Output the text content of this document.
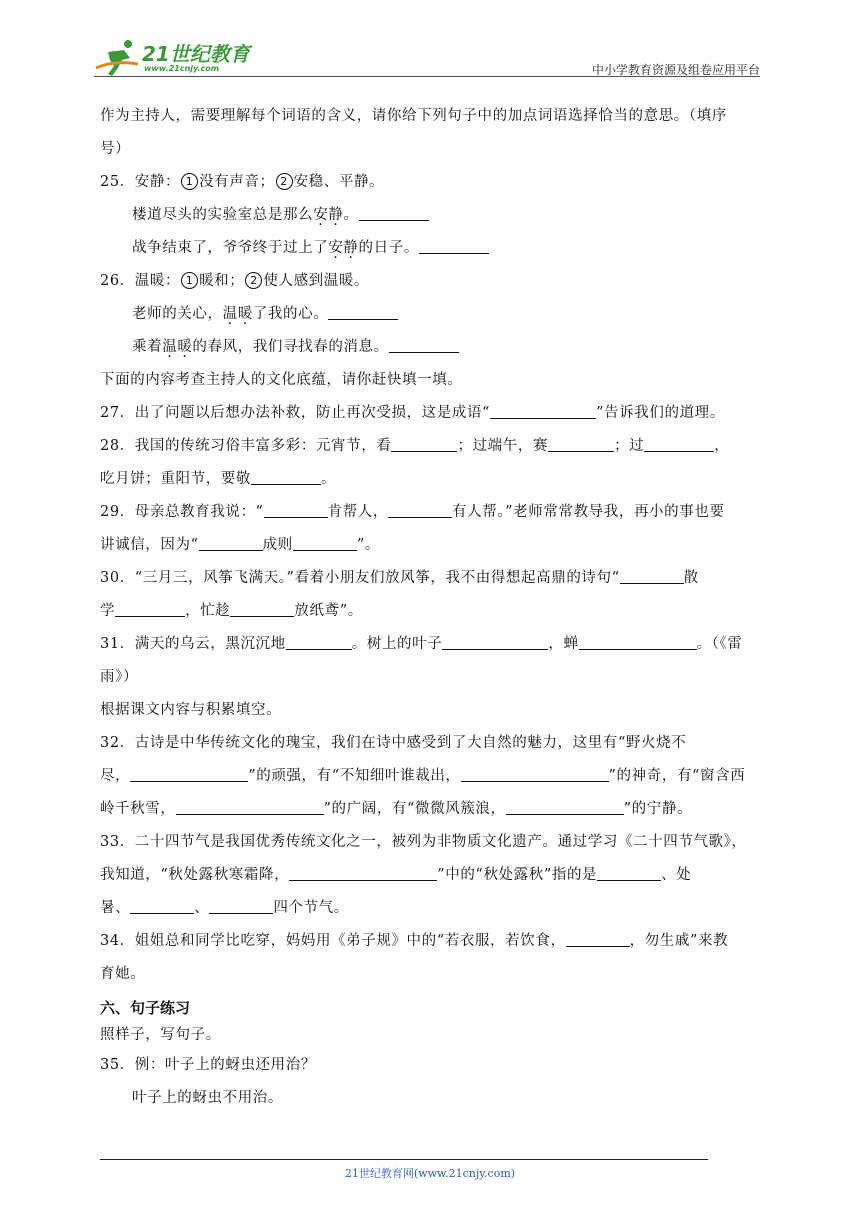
21世纪教育
www.21cnjy.com	中小学教育资源及组卷应用平台

作为主持人，需要理解每个词语的含义，请你给下列句子中的加点词语选择恰当的意思。（填序

号）

25．安静： 1 没有声音； 2 安稳、平静。

楼道尽头的实验室总是那么安静。

战争结束了，爷爷终于过上了安静的日子。

26．温暖： 1 暖和； 2 使人感到温暖。

老师的关心，温暖了我的心。

乘着温暖的春风，我们寻找春的消息。

下面的内容考查主持人的文化底蕴，请你赶快填一填。

27．出了问题以后想办法补救，防止再次受损，这是成语“	”告诉我们的道理。

28．我国的传统习俗丰富多彩：元宵节，看	；过端午，赛	；过	，

吃月饼；重阳节，要敬	。

29．母亲总教育我说：“	肯帮人，	有人帮。”老师常常教导我，再小的事也要

讲诚信，因为“	成则	”。

30．“三月三，风筝飞满天。”看着小朋友们放风筝，我不由得想起高鼎的诗句“	散

学	，忙趁	放纸鸢”。

31．满天的乌云，黑沉沉地	。树上的叶子	，蝉	。（《雷

雨》）

根据课文内容与积累填空。

32．古诗是中华传统文化的瑰宝，我们在诗中感受到了大自然的魅力，这里有“野火烧不

尽，	”的顽强，有“不知细叶谁裁出，	”的神奇，有“窗含西

岭千秋雪，	”的广阔，有“微微风簇浪，	”的宁静。

33．二十四节气是我国优秀传统文化之一，被列为非物质文化遗产。通过学习《二十四节气歌》，

我知道，“秋处露秋寒霜降，	”中的“秋处露秋”指的是	、处

暑、	、	四个节气。

34．姐姐总和同学比吃穿，妈妈用《弟子规》中的“若衣服，若饮食，	，勿生戚”来教

育她。

六、句子练习

照样子，写句子。

35．例：叶子上的蚜虫还用治？

叶子上的蚜虫不用治。

21世纪教育网(www.21cnjy.com)
